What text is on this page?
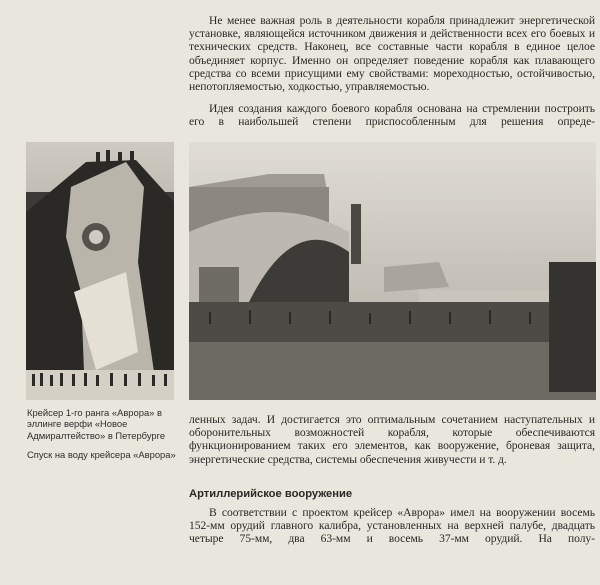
Не менее важная роль в деятельности корабля принадлежит энергетической установке, являющейся источником движения и действенности всех его боевых и технических средств. Наконец, все составные части корабля в единое целое объединяет корпус. Именно он определяет поведение корабля как плавающего средства со всеми присущими ему свойствами: мореходностью, остойчивостью, непотопляемостью, ходкостью, управляемостью.

Идея создания каждого боевого корабля основана на стремлении построить его в наибольшей степени приспособленным для решения опреде-

Крейсер 1-го ранга «Аврора» в эллинге верфи «Новое Адмиралтейство» в Петербурге

Спуск на воду крейсера «Аврора»

ленных задач. И достигается это оптимальным сочетанием наступательных и оборонительных возможностей корабля, которые обеспечиваются функционированием таких его элементов, как вооружение, броневая защита, энергетические средства, системы обеспечения живучести и т. д.

Артиллерийское вооружение

В соответствии с проектом крейсер «Аврора» имел на вооружении восемь 152-мм орудий главного калибра, установленных на верхней палубе, двадцать четыре 75-мм, два 63-мм и восемь 37-мм орудий. На полу-
